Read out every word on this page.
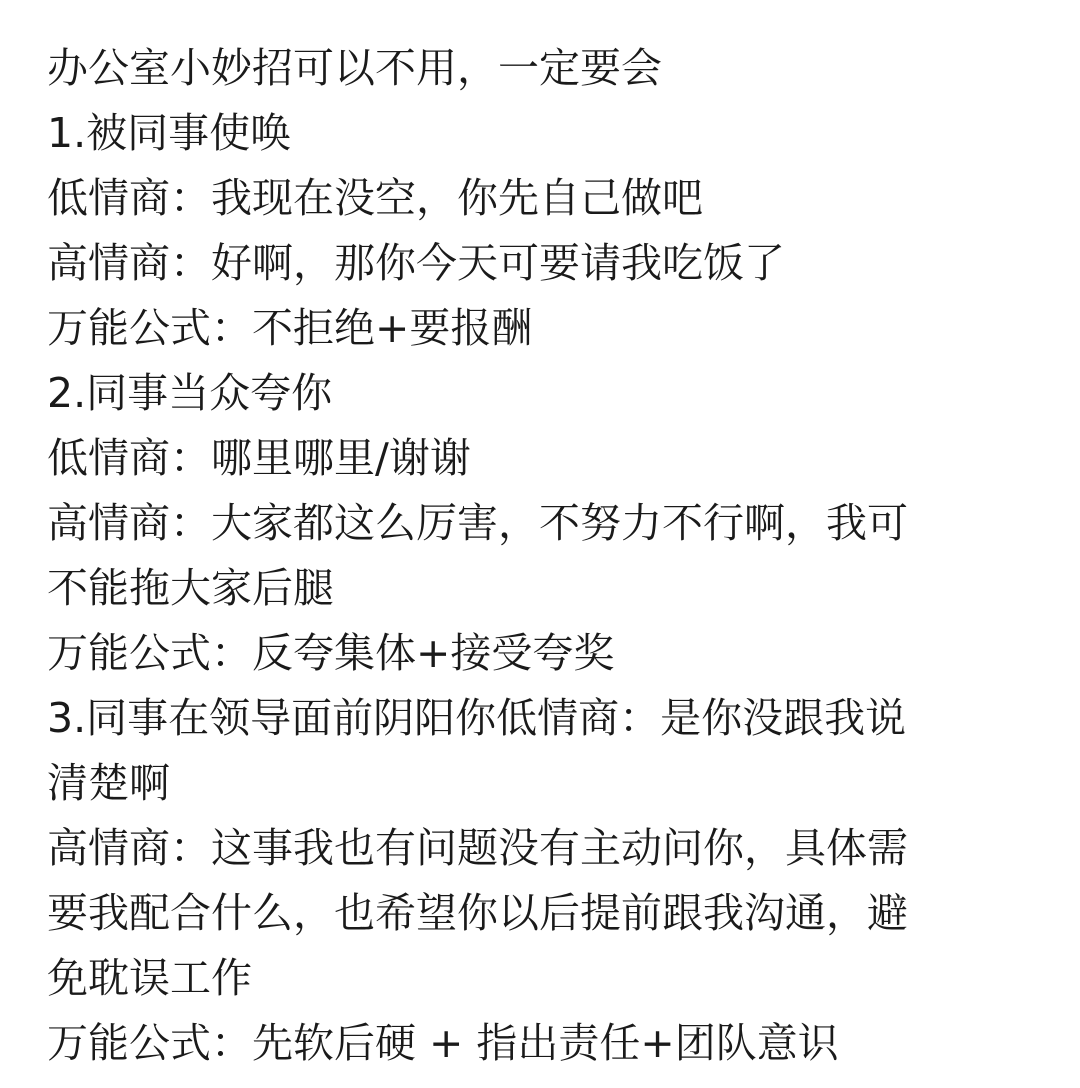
办公室小妙招可以不用，一定要会
1.被同事使唤
低情商：我现在没空，你先自己做吧
高情商：好啊，那你今天可要请我吃饭了
万能公式：不拒绝+要报酬
2.同事当众夸你
低情商：哪里哪里/谢谢
高情商：大家都这么厉害，不努力不行啊，我可
不能拖大家后腿
万能公式：反夸集体+接受夸奖
3.同事在领导面前阴阳你低情商：是你没跟我说
清楚啊
高情商：这事我也有问题没有主动问你，具体需
要我配合什么，也希望你以后提前跟我沟通，避
免耽误工作
万能公式：先软后硬 + 指出责任+团队意识
